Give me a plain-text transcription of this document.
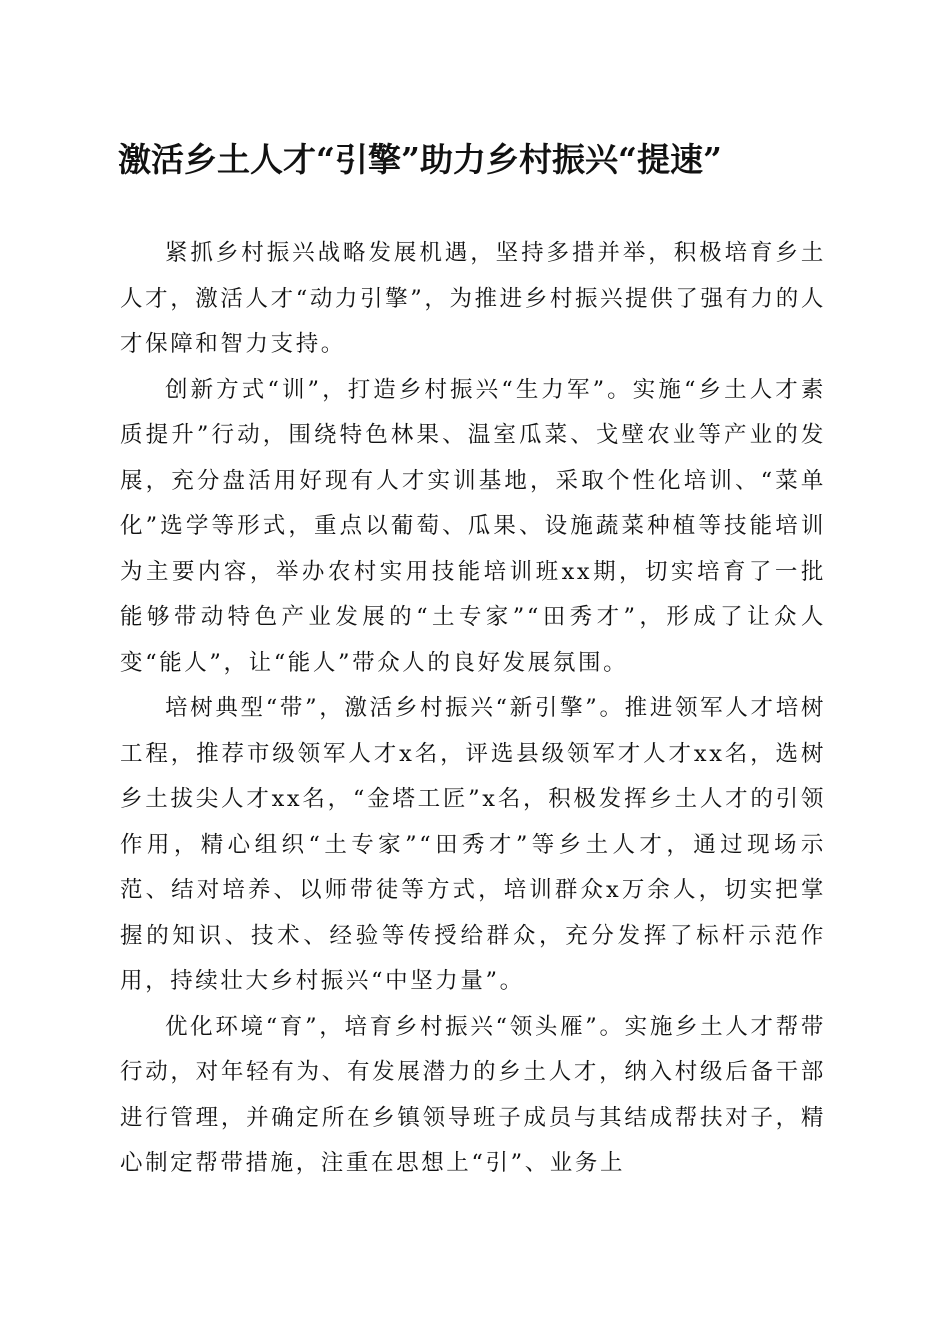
激活乡土人才“引擎”助力乡村振兴“提速”

紧抓乡村振兴战略发展机遇，坚持多措并举，积极培育乡土人才，激活人才“动力引擎”，为推进乡村振兴提供了强有力的人才保障和智力支持。

创新方式“训”，打造乡村振兴“生力军”。实施“乡土人才素质提升”行动，围绕特色林果、温室瓜菜、戈壁农业等产业的发展，充分盘活用好现有人才实训基地，采取个性化培训、“菜单化”选学等形式，重点以葡萄、瓜果、设施蔬菜种植等技能培训为主要内容，举办农村实用技能培训班xx期，切实培育了一批能够带动特色产业发展的“土专家”“田秀才”，形成了让众人变“能人”，让“能人”带众人的良好发展氛围。

培树典型“带”，激活乡村振兴“新引擎”。推进领军人才培树工程，推荐市级领军人才x名，评选县级领军才人才xx名，选树乡土拔尖人才xx名，“金塔工匠”x名，积极发挥乡土人才的引领作用，精心组织“土专家”“田秀才”等乡土人才，通过现场示范、结对培养、以师带徒等方式，培训群众x万余人，切实把掌握的知识、技术、经验等传授给群众，充分发挥了标杆示范作用，持续壮大乡村振兴“中坚力量”。

优化环境“育”，培育乡村振兴“领头雁”。实施乡土人才帮带行动，对年轻有为、有发展潜力的乡土人才，纳入村级后备干部进行管理，并确定所在乡镇领导班子成员与其结成帮扶对子，精心制定帮带措施，注重在思想上“引”、业务上
